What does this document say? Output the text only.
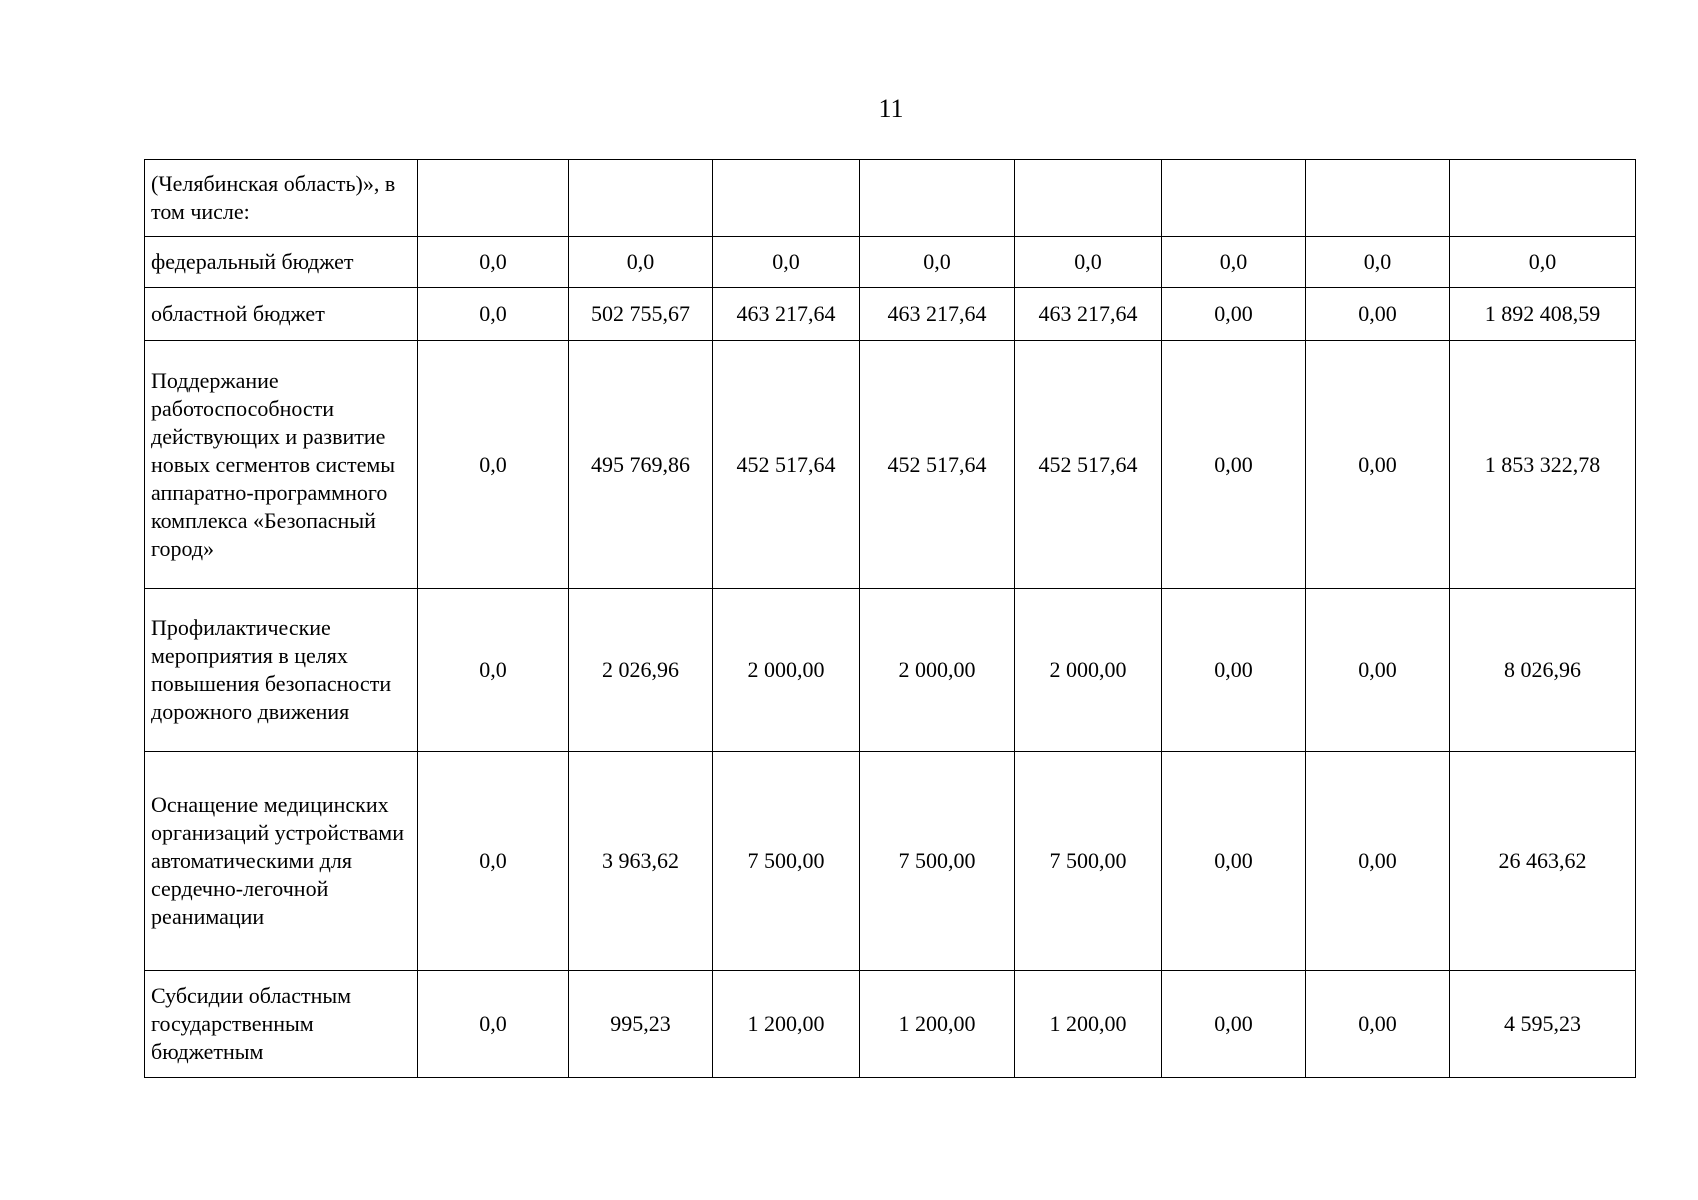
11
(Челябинская область)», в том числе:								
федеральный бюджет	0,0	0,0	0,0	0,0	0,0	0,0	0,0	0,0
областной бюджет	0,0	502 755,67	463 217,64	463 217,64	463 217,64	0,00	0,00	1 892 408,59
Поддержание работоспособности действующих и развитие новых сегментов системы аппаратно-программного комплекса «Безопасный город»	0,0	495 769,86	452 517,64	452 517,64	452 517,64	0,00	0,00	1 853 322,78
Профилактические мероприятия в целях повышения безопасности дорожного движения	0,0	2 026,96	2 000,00	2 000,00	2 000,00	0,00	0,00	8 026,96
Оснащение медицинских организаций устройствами автоматическими для сердечно-легочной реанимации	0,0	3 963,62	7 500,00	7 500,00	7 500,00	0,00	0,00	26 463,62
Субсидии областным государственным бюджетным	0,0	995,23	1 200,00	1 200,00	1 200,00	0,00	0,00	4 595,23
